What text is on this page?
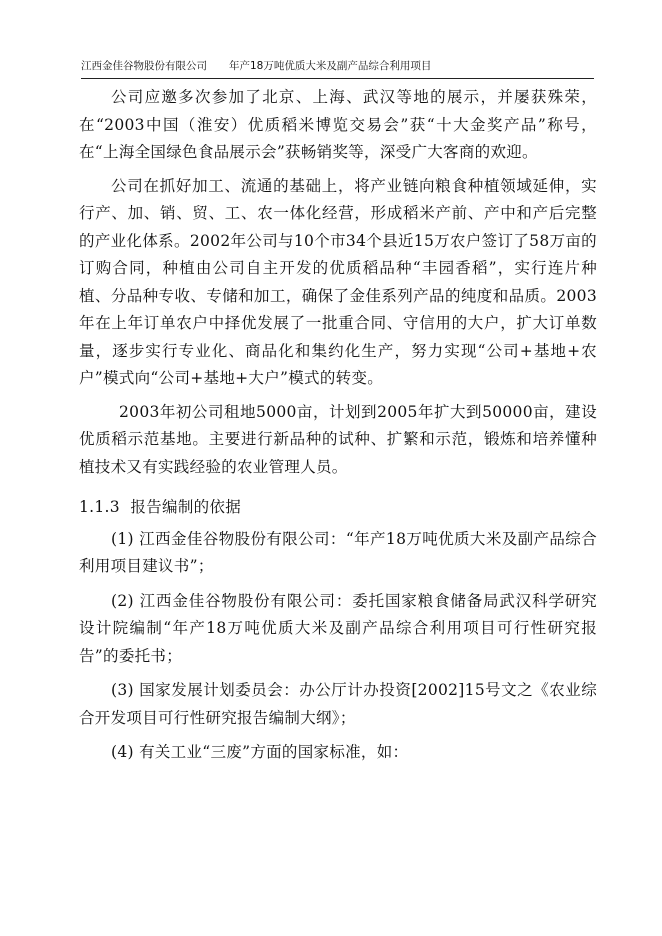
江西金佳谷物股份有限公司 年产18万吨优质大米及副产品综合利用项目

公司应邀多次参加了北京、上海、武汉等地的展示，并屡获殊荣，在“2003中国（淮安）优质稻米博览交易会”获“十大金奖产品”称号，在“上海全国绿色食品展示会”获畅销奖等，深受广大客商的欢迎。

公司在抓好加工、流通的基础上，将产业链向粮食种植领域延伸，实行产、加、销、贸、工、农一体化经营，形成稻米产前、产中和产后完整的产业化体系。2002年公司与10个市34个县近15万农户签订了58万亩的订购合同，种植由公司自主开发的优质稻品种“丰园香稻”，实行连片种植、分品种专收、专储和加工，确保了金佳系列产品的纯度和品质。2003年在上年订单农户中择优发展了一批重合同、守信用的大户，扩大订单数量，逐步实行专业化、商品化和集约化生产，努力实现“公司+基地+农户”模式向“公司+基地+大户”模式的转变。

2003年初公司租地5000亩，计划到2005年扩大到50000亩，建设优质稻示范基地。主要进行新品种的试种、扩繁和示范，锻炼和培养懂种植技术又有实践经验的农业管理人员。

1.1.3 报告编制的依据

(1) 江西金佳谷物股份有限公司：“年产18万吨优质大米及副产品综合利用项目建议书”；

(2) 江西金佳谷物股份有限公司：委托国家粮食储备局武汉科学研究设计院编制“年产18万吨优质大米及副产品综合利用项目可行性研究报告”的委托书；

(3) 国家发展计划委员会：办公厅计办投资[2002]15号文之《农业综合开发项目可行性研究报告编制大纲》；

(4) 有关工业“三废”方面的国家标准，如：
